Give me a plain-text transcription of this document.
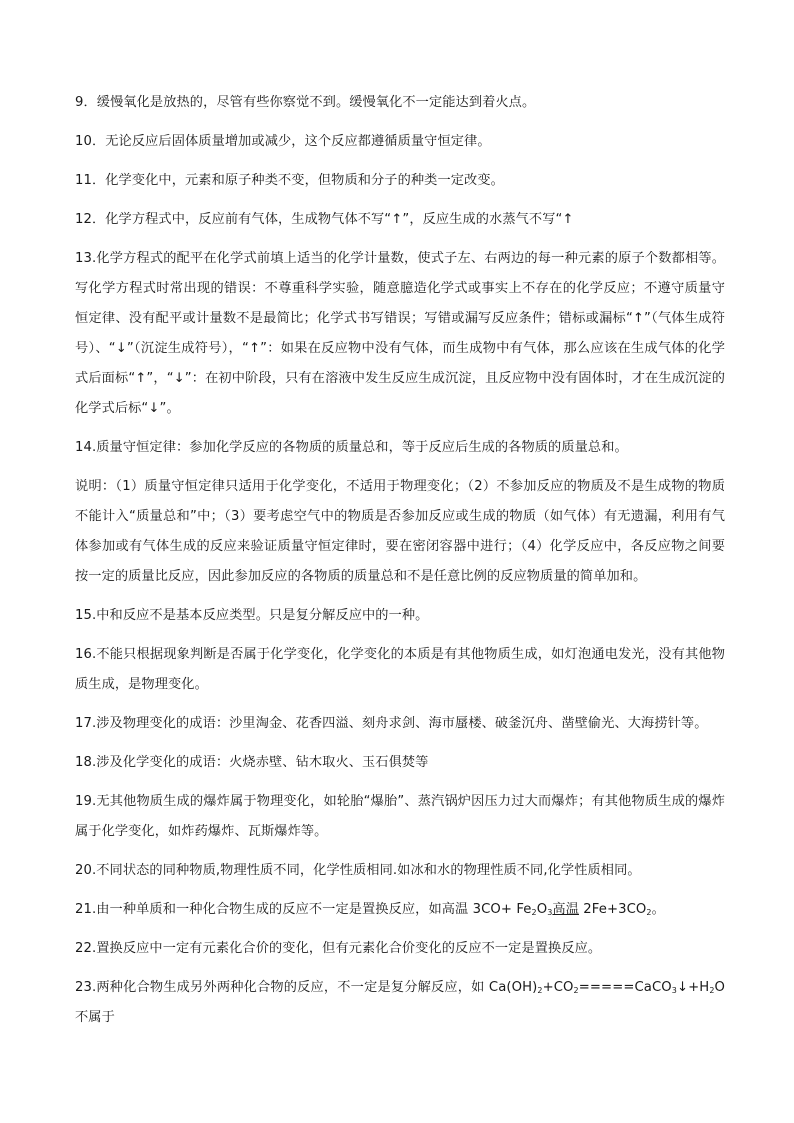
9．缓慢氧化是放热的，尽管有些你察觉不到。缓慢氧化不一定能达到着火点。

10．无论反应后固体质量增加或减少，这个反应都遵循质量守恒定律。

11．化学变化中，元素和原子种类不变，但物质和分子的种类一定改变。

12．化学方程式中，反应前有气体，生成物气体不写“↑”，反应生成的水蒸气不写“↑

13.化学方程式的配平在化学式前填上适当的化学计量数，使式子左、右两边的每一种元素的原子个数都相等。写化学方程式时常出现的错误：不尊重科学实验，随意臆造化学式或事实上不存在的化学反应；不遵守质量守恒定律、没有配平或计量数不是最简比；化学式书写错误；写错或漏写反应条件；错标或漏标“↑”（气体生成符号）、“↓”（沉淀生成符号），“↑”：如果在反应物中没有气体，而生成物中有气体，那么应该在生成气体的化学式后面标“↑”，“↓”：在初中阶段，只有在溶液中发生反应生成沉淀，且反应物中没有固体时，才在生成沉淀的化学式后标“↓”。

14.质量守恒定律：参加化学反应的各物质的质量总和，等于反应后生成的各物质的质量总和。

说明：（1）质量守恒定律只适用于化学变化，不适用于物理变化；（2）不参加反应的物质及不是生成物的物质不能计入“质量总和”中；（3）要考虑空气中的物质是否参加反应或生成的物质（如气体）有无遗漏，利用有气体参加或有气体生成的反应来验证质量守恒定律时，要在密闭容器中进行；（4）化学反应中，各反应物之间要按一定的质量比反应，因此参加反应的各物质的质量总和不是任意比例的反应物质量的简单加和。

15.中和反应不是基本反应类型。只是复分解反应中的一种。

16.不能只根据现象判断是否属于化学变化，化学变化的本质是有其他物质生成，如灯泡通电发光，没有其他物质生成，是物理变化。

17.涉及物理变化的成语：沙里淘金、花香四溢、刻舟求剑、海市蜃楼、破釜沉舟、凿壁偷光、大海捞针等。

18.涉及化学变化的成语：火烧赤壁、钻木取火、玉石俱焚等

19.无其他物质生成的爆炸属于物理变化，如轮胎“爆胎”、蒸汽锅炉因压力过大而爆炸；有其他物质生成的爆炸属于化学变化，如炸药爆炸、瓦斯爆炸等。

20.不同状态的同种物质,物理性质不同，化学性质相同.如冰和水的物理性质不同,化学性质相同。

21.由一种单质和一种化合物生成的反应不一定是置换反应，如高温 $3CO+ Fe_2O_3$高温 $2Fe+3CO_2$。

22.置换反应中一定有元素化合价的变化，但有元素化合价变化的反应不一定是置换反应。

23.两种化合物生成另外两种化合物的反应，不一定是复分解反应，如 $Ca(OH)_2+CO_2=====CaCO_3↓+H_2O$ 不属于
